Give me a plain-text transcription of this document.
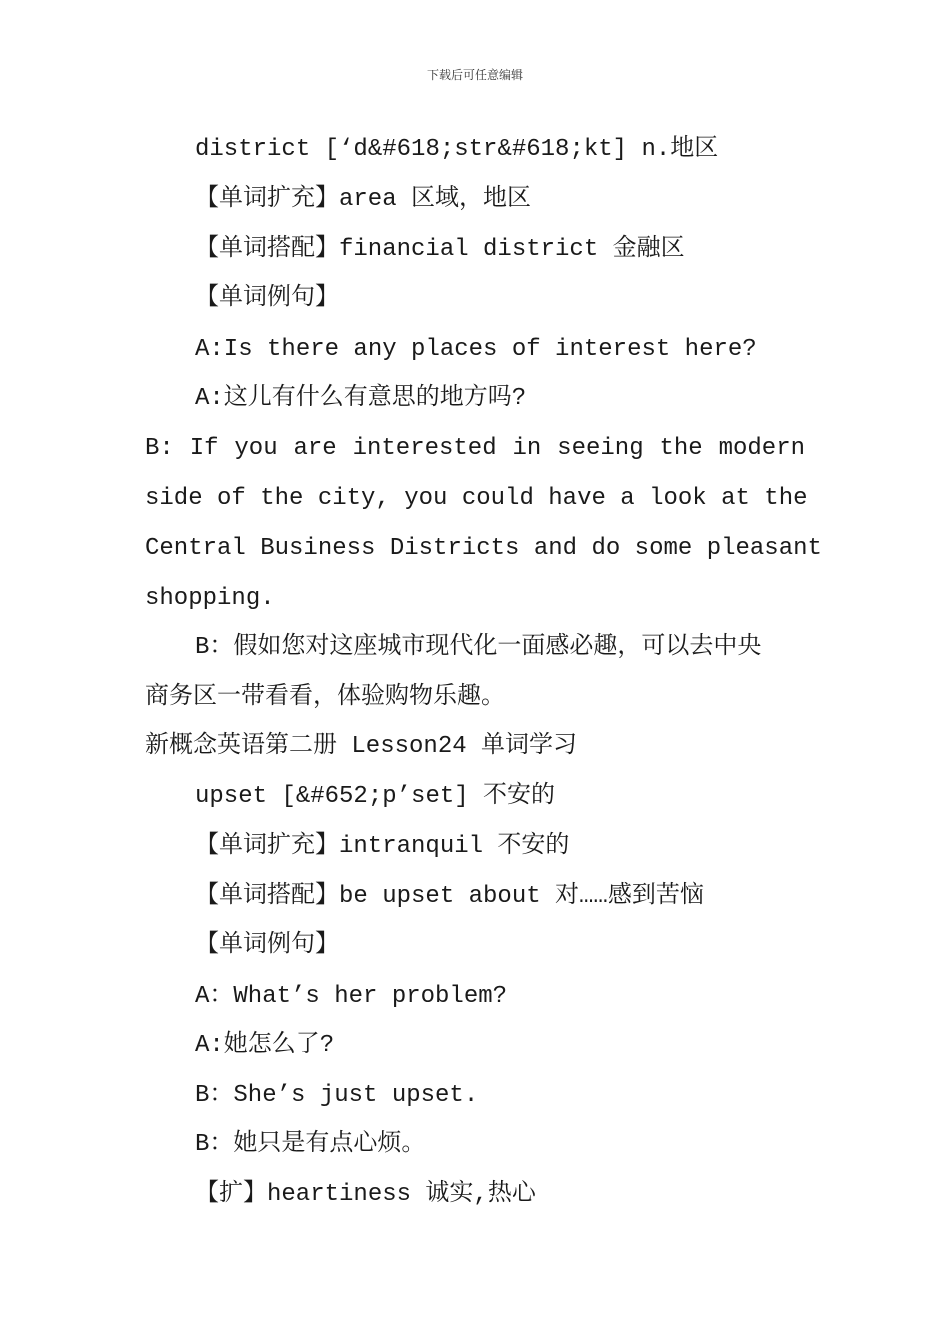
下载后可任意编辑
district [‘d&#618;str&#618;kt] n.地区
【单词扩充】area 区域，地区
【单词搭配】financial district 金融区
【单词例句】
A:Is there any places of interest here?
A:这儿有什么有意思的地方吗?
B: If you are interested in seeing the modern
side of the city, you could have a look at the
Central Business Districts and do some pleasant
shopping.
B：假如您对这座城市现代化一面感必趣，可以去中央
商务区一带看看，体验购物乐趣。
新概念英语第二册 Lesson24 单词学习
upset [&#652;p’set] 不安的
【单词扩充】intranquil 不安的
【单词搭配】be upset about 对……感到苦恼
【单词例句】
A：What’s her problem?
A:她怎么了?
B：She’s just upset.
B：她只是有点心烦。
【扩】heartiness 诚实,热心
